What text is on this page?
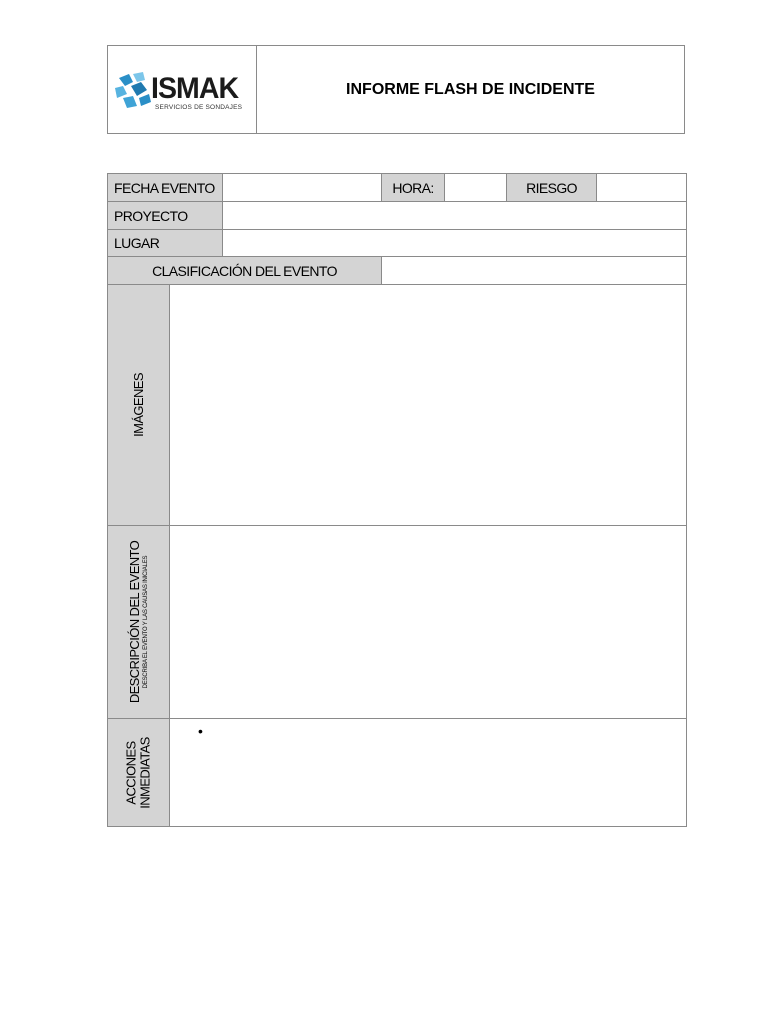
ISMAK
SERVICIOS DE SONDAJES
INFORME FLASH DE INCIDENTE
FECHA EVENTO			HORA:		RIESGO	
PROYECTO						
LUGAR						
CLASIFICACIÓN DEL EVENTO						

IMÁGENES						

DESCRIPCIÓN DEL EVENTO DESCRIBA EL EVENTO Y LAS CAUSAS INICIALES						

ACCIONES
INMEDIATAS	•					
